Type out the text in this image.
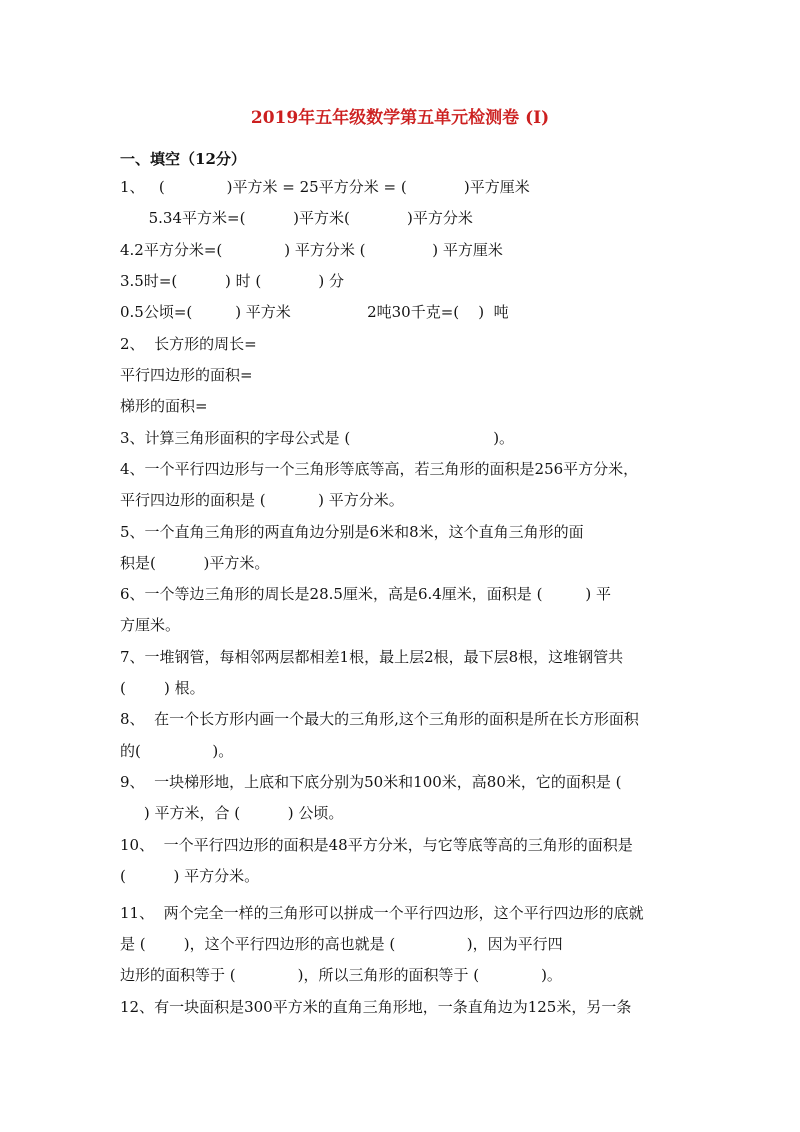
2019年五年级数学第五单元检测卷 (I)
一、填空（12分）
1、   (             )平方米 = 25平方分米 = (            )平方厘米
5.34平方米=(          )平方米(            )平方分米
4.2平方分米=(             ) 平方分米 (              ) 平方厘米
3.5时=(          ) 时 (            ) 分
0.5公顷=(         ) 平方米                2吨30千克=(    )  吨
2、  长方形的周长=
平行四边形的面积=
梯形的面积=
3、计算三角形面积的字母公式是 (                              )。
4、一个平行四边形与一个三角形等底等高，若三角形的面积是256平方分米，
平行四边形的面积是 (           ) 平方分米。
5、一个直角三角形的两直角边分别是6米和8米，这个直角三角形的面
积是(          )平方米。
6、一个等边三角形的周长是28.5厘米，高是6.4厘米，面积是 (         ) 平
方厘米。
7、一堆钢管，每相邻两层都相差1根，最上层2根，最下层8根，这堆钢管共
(        ) 根。
8、  在一个长方形内画一个最大的三角形,这个三角形的面积是所在长方形面积
的(               )。
9、  一块梯形地，上底和下底分别为50米和100米，高80米，它的面积是 (
) 平方米，合 (          ) 公顷。
10、  一个平行四边形的面积是48平方分米，与它等底等高的三角形的面积是
(          ) 平方分米。
11、  两个完全一样的三角形可以拼成一个平行四边形，这个平行四边形的底就
是 (        )，这个平行四边形的高也就是 (               )，因为平行四
边形的面积等于 (             )，所以三角形的面积等于 (             )。
12、有一块面积是300平方米的直角三角形地，一条直角边为125米，另一条
